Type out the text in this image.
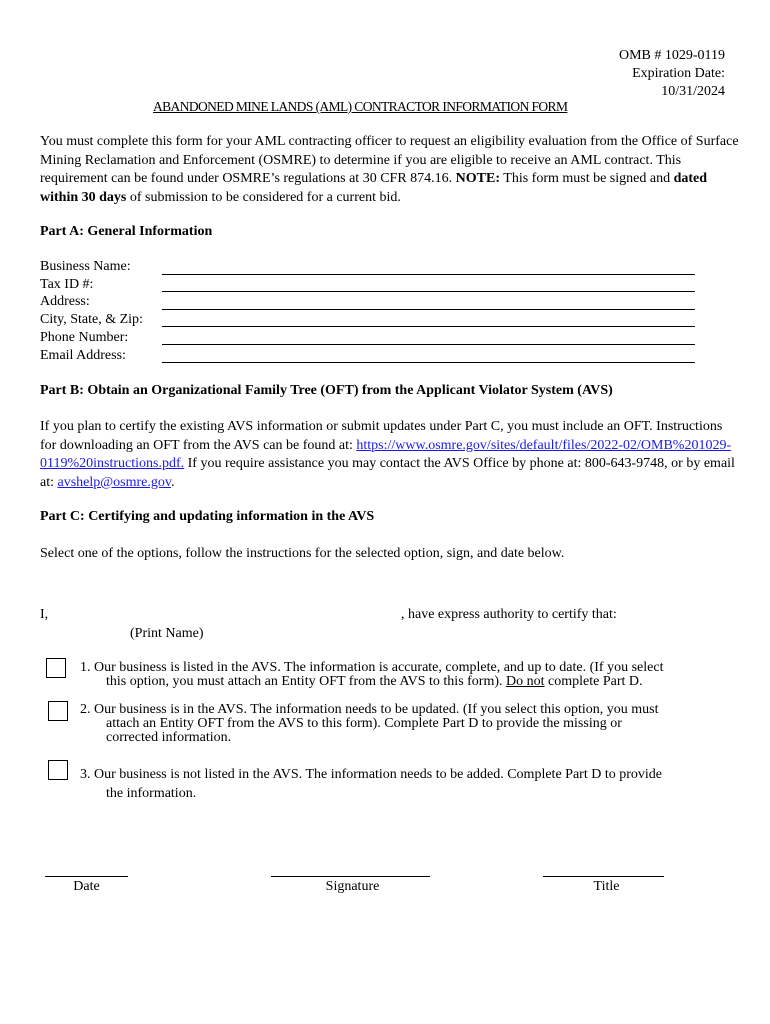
OMB # 1029-0119
Expiration Date:
10/31/2024
ABANDONED MINE LANDS (AML) CONTRACTOR INFORMATION FORM
You must complete this form for your AML contracting officer to request an eligibility evaluation from the Office of Surface Mining Reclamation and Enforcement (OSMRE) to determine if you are eligible to receive an AML contract. This requirement can be found under OSMRE’s regulations at 30 CFR 874.16. NOTE: This form must be signed and dated within 30 days of submission to be considered for a current bid.
Part A: General Information
Business Name:
Tax ID #:
Address:
City, State, & Zip:
Phone Number:
Email Address:
Part B: Obtain an Organizational Family Tree (OFT) from the Applicant Violator System (AVS)
If you plan to certify the existing AVS information or submit updates under Part C, you must include an OFT. Instructions for downloading an OFT from the AVS can be found at: https://www.osmre.gov/sites/default/files/2022-02/OMB%201029-0119%20instructions.pdf. If you require assistance you may contact the AVS Office by phone at: 800-643-9748, or by email at: avshelp@osmre.gov.
Part C: Certifying and updating information in the AVS
Select one of the options, follow the instructions for the selected option, sign, and date below.
I,	, have express authority to certify that:
(Print Name)
1. Our business is listed in the AVS. The information is accurate, complete, and up to date. (If you select
this option, you must attach an Entity OFT from the AVS to this form). Do not complete Part D.
2. Our business is in the AVS. The information needs to be updated. (If you select this option, you must
attach an Entity OFT from the AVS to this form). Complete Part D to provide the missing or
corrected information.
3. Our business is not listed in the AVS. The information needs to be added. Complete Part D to provide
the information.
Date	Signature	Title
